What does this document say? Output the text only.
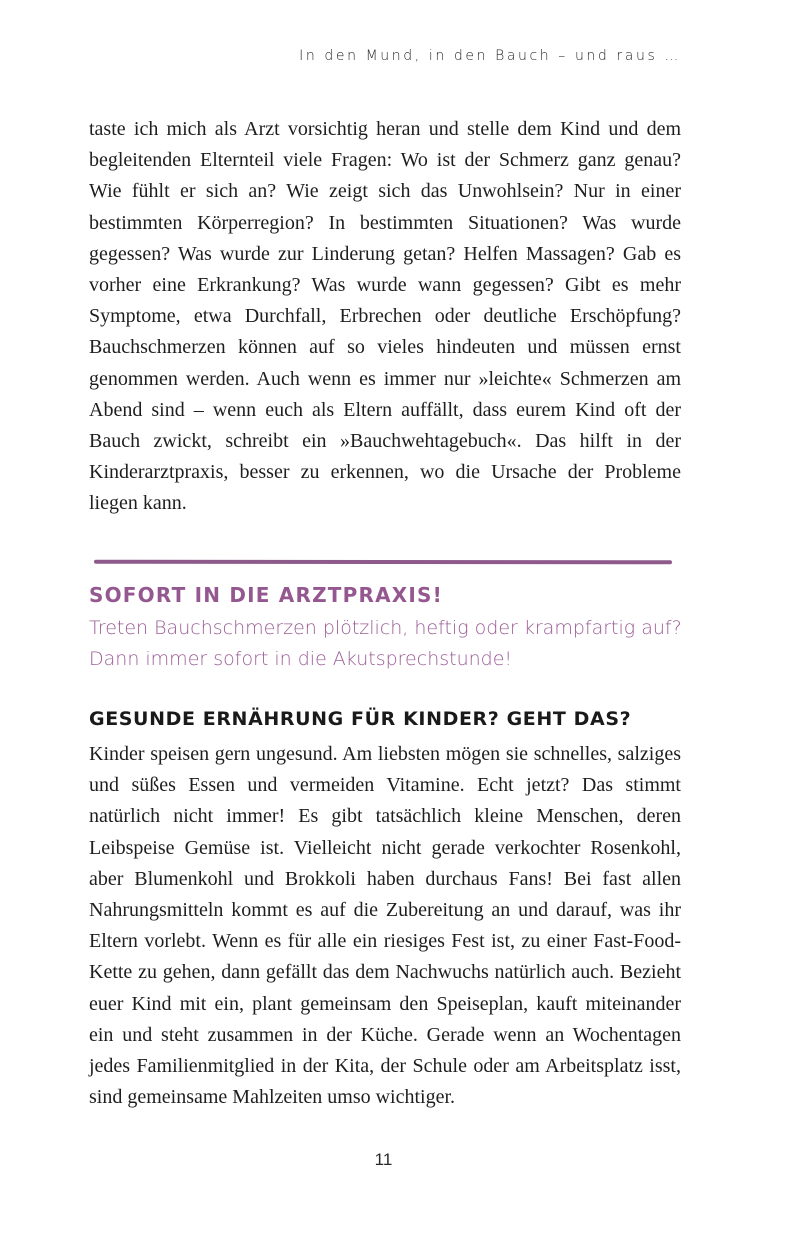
In den Mund, in den Bauch – und raus …

taste ich mich als Arzt vorsichtig heran und stelle dem Kind und dem begleitenden Elternteil viele Fragen: Wo ist der Schmerz ganz genau? Wie fühlt er sich an? Wie zeigt sich das Unwohlsein? Nur in einer bestimmten Körperregion? In bestimmten Situationen? Was wurde gegessen? Was wurde zur Linderung getan? Helfen Massagen? Gab es vorher eine Erkrankung? Was wurde wann gegessen? Gibt es mehr Symptome, etwa Durchfall, Erbrechen oder deutliche Erschöpfung? Bauchschmerzen können auf so vieles hindeuten und müssen ernst genommen werden. Auch wenn es immer nur »leichte« Schmerzen am Abend sind – wenn euch als Eltern auffällt, dass eurem Kind oft der Bauch zwickt, schreibt ein »Bauchwehtagebuch«. Das hilft in der Kinderarztpraxis, besser zu erkennen, wo die Ursache der Probleme liegen kann.

SOFORT IN DIE ARZTPRAXIS!
Treten Bauchschmerzen plötzlich, heftig oder krampfartig auf? Dann immer sofort in die Akutsprechstunde!
GESUNDE ERNÄHRUNG FÜR KINDER? GEHT DAS?

Kinder speisen gern ungesund. Am liebsten mögen sie schnelles, salziges und süßes Essen und vermeiden Vitamine. Echt jetzt? Das stimmt natürlich nicht immer! Es gibt tatsächlich kleine Menschen, deren Leibspeise Gemüse ist. Vielleicht nicht gerade verkochter Rosenkohl, aber Blumenkohl und Brokkoli haben durchaus Fans! Bei fast allen Nahrungsmitteln kommt es auf die Zubereitung an und darauf, was ihr Eltern vorlebt. Wenn es für alle ein riesiges Fest ist, zu einer Fast-Food-Kette zu gehen, dann gefällt das dem Nachwuchs natürlich auch. Bezieht euer Kind mit ein, plant gemeinsam den Speiseplan, kauft miteinander ein und steht zusammen in der Küche. Gerade wenn an Wochentagen jedes Familienmitglied in der Kita, der Schule oder am Arbeitsplatz isst, sind gemeinsame Mahlzeiten umso wichtiger.

11
